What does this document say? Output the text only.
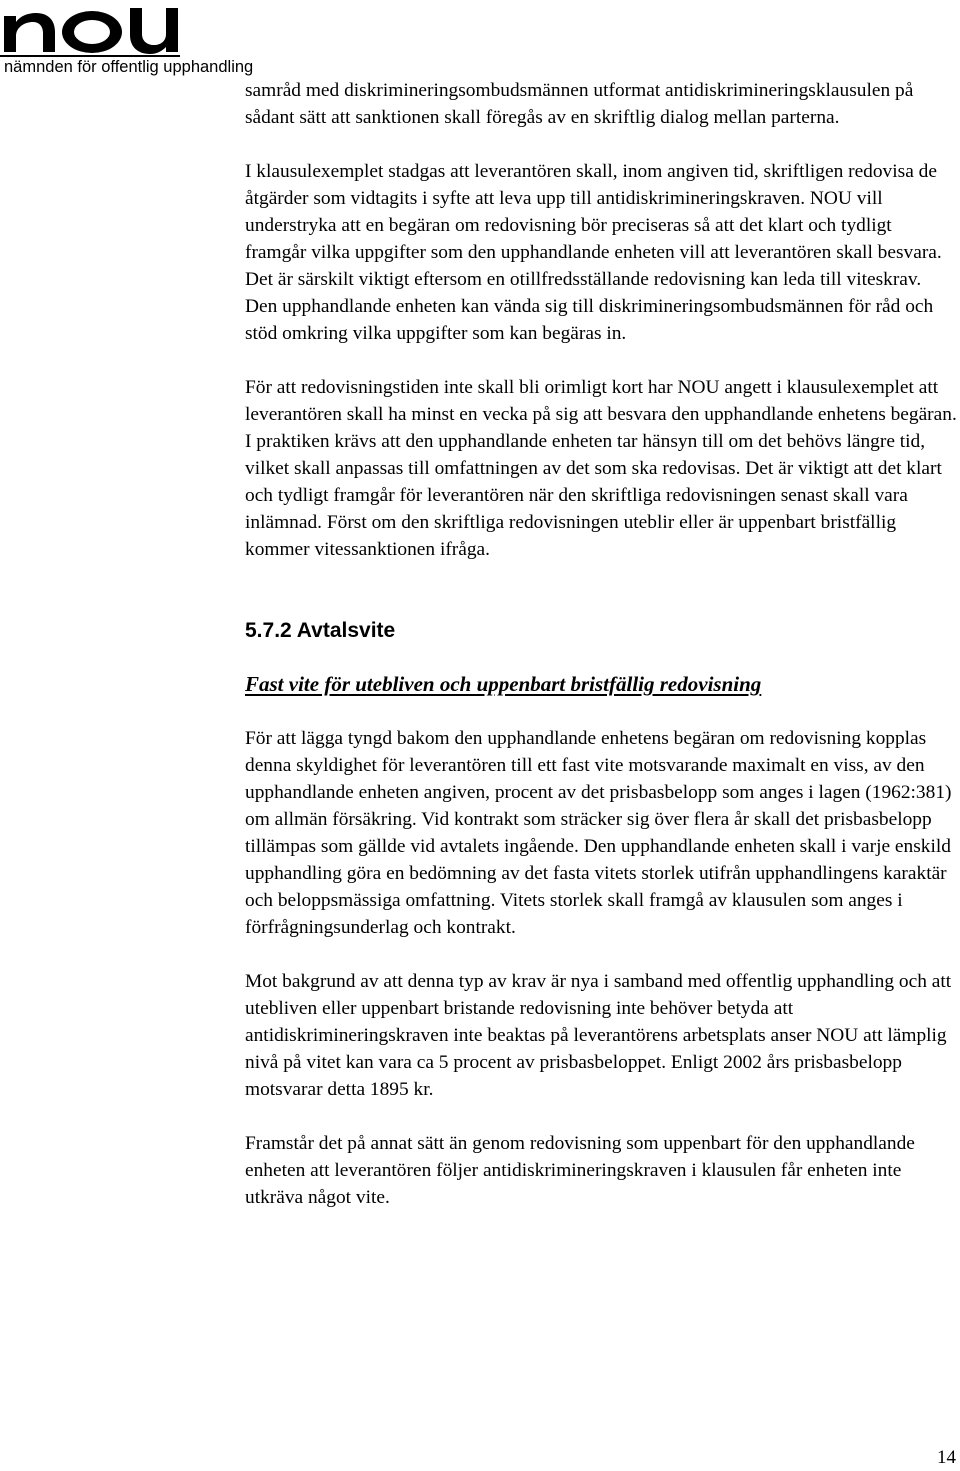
nämnden för offentlig upphandling

samråd med diskrimineringsombudsmännen utformat antidiskrimineringsklausulen på sådant sätt att sanktionen skall föregås av en skriftlig dialog mellan parterna.

I klausulexemplet stadgas att leverantören skall, inom angiven tid, skriftligen redovisa de åtgärder som vidtagits i syfte att leva upp till antidiskrimineringskraven. NOU vill understryka att en begäran om redovisning bör preciseras så att det klart och tydligt framgår vilka uppgifter som den upphandlande enheten vill att leverantören skall besvara. Det är särskilt viktigt eftersom en otillfredsställande redovisning kan leda till viteskrav. Den upphandlande enheten kan vända sig till diskrimineringsombudsmännen för råd och stöd omkring vilka uppgifter som kan begäras in.

För att redovisningstiden inte skall bli orimligt kort har NOU angett i klausulexemplet att leverantören skall ha minst en vecka på sig att besvara den upphandlande enhetens begäran. I praktiken krävs att den upphandlande enheten tar hänsyn till om det behövs längre tid, vilket skall anpassas till omfattningen av det som ska redovisas. Det är viktigt att det klart och tydligt framgår för leverantören när den skriftliga redovisningen senast skall vara inlämnad. Först om den skriftliga redovisningen uteblir eller är uppenbart bristfällig kommer vitessanktionen ifråga.

5.7.2 Avtalsvite
Fast vite för utebliven och uppenbart bristfällig redovisning

För att lägga tyngd bakom den upphandlande enhetens begäran om redovisning kopplas denna skyldighet för leverantören till ett fast vite motsvarande maximalt en viss, av den upphandlande enheten angiven, procent av det prisbasbelopp som anges i lagen (1962:381) om allmän försäkring. Vid kontrakt som sträcker sig över flera år skall det prisbasbelopp tillämpas som gällde vid avtalets ingående. Den upphandlande enheten skall i varje enskild upphandling göra en bedömning av det fasta vitets storlek utifrån upphandlingens karaktär och beloppsmässiga omfattning. Vitets storlek skall framgå av klausulen som anges i förfrågningsunderlag och kontrakt.

Mot bakgrund av att denna typ av krav är nya i samband med offentlig upphandling och att utebliven eller uppenbart bristande redovisning inte behöver betyda att antidiskrimineringskraven inte beaktas på leverantörens arbetsplats anser NOU att lämplig nivå på vitet kan vara ca 5 procent av prisbasbeloppet. Enligt 2002 års prisbasbelopp motsvarar detta 1895 kr.

Framstår det på annat sätt än genom redovisning som uppenbart för den upphandlande enheten att leverantören följer antidiskrimineringskraven i klausulen får enheten inte utkräva något vite.

14
